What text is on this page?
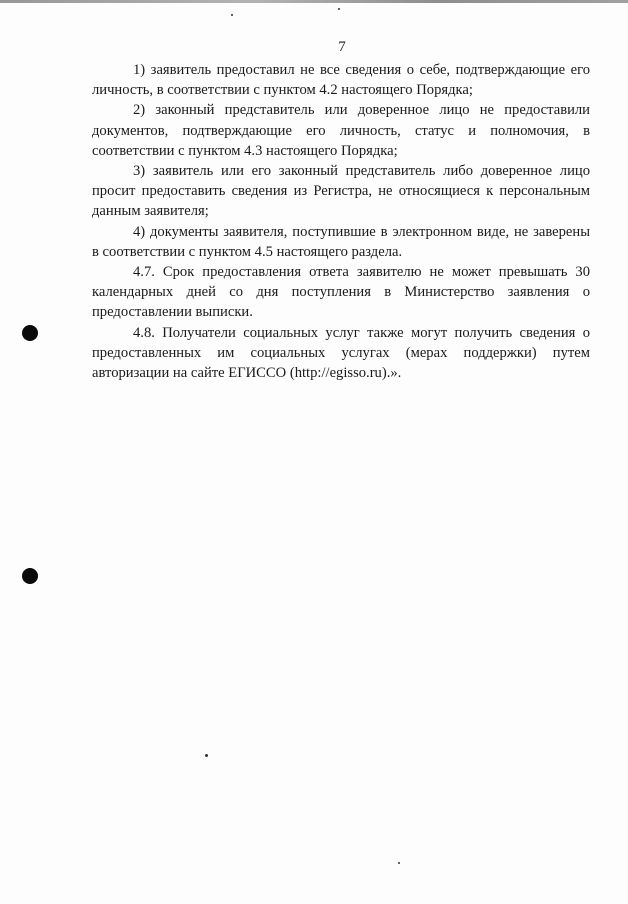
7

1) заявитель предоставил не все сведения о себе, подтверждающие его личность, в соответствии с пунктом 4.2 настоящего Порядка;

2) законный представитель или доверенное лицо не предоставили документов, подтверждающие его личность, статус и полномочия, в соответствии с пунктом 4.3 настоящего Порядка;

3) заявитель или его законный представитель либо доверенное лицо просит предоставить сведения из Регистра, не относящиеся к персональным данным заявителя;

4) документы заявителя, поступившие в электронном виде, не заверены в соответствии с пунктом 4.5 настоящего раздела.

4.7. Срок предоставления ответа заявителю не может превышать 30 календарных дней со дня поступления в Министерство заявления о предоставлении выписки.

4.8. Получатели социальных услуг также могут получить сведения о предоставленных им социальных услугах (мерах поддержки) путем авторизации на сайте ЕГИССО (http://egisso.ru).».
